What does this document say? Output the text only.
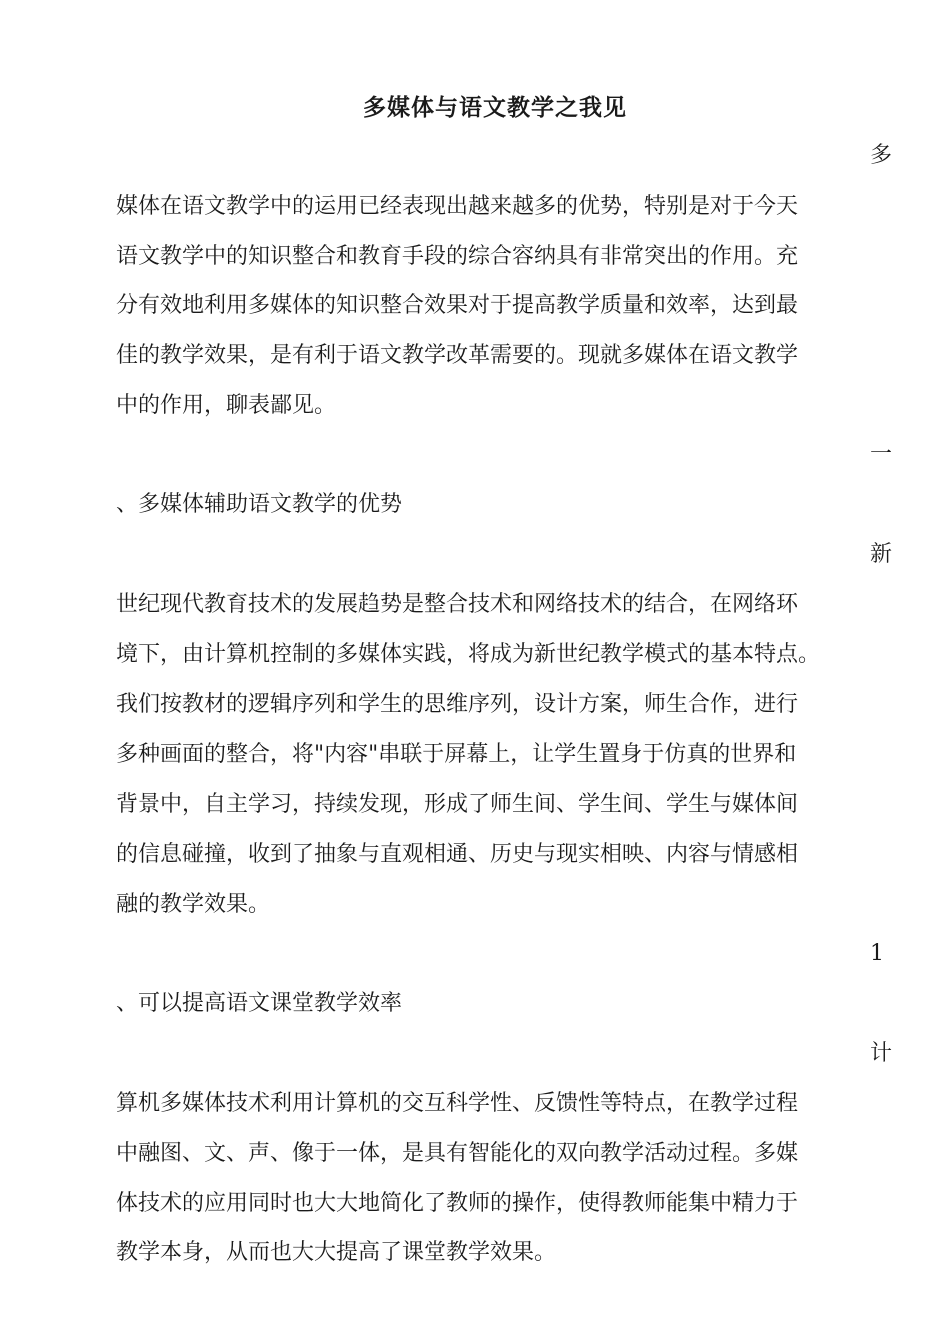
多媒体与语文教学之我见
多
媒体在语文教学中的运用已经表现出越来越多的优势，特别是对于今天
语文教学中的知识整合和教育手段的综合容纳具有非常突出的作用。充
分有效地利用多媒体的知识整合效果对于提高教学质量和效率，达到最
佳的教学效果，是有利于语文教学改革需要的。现就多媒体在语文教学
中的作用，聊表鄙见。
一
、多媒体辅助语文教学的优势
新
世纪现代教育技术的发展趋势是整合技术和网络技术的结合，在网络环
境下，由计算机控制的多媒体实践，将成为新世纪教学模式的基本特点。
我们按教材的逻辑序列和学生的思维序列，设计方案，师生合作，进行
多种画面的整合，将"内容"串联于屏幕上，让学生置身于仿真的世界和
背景中，自主学习，持续发现，形成了师生间、学生间、学生与媒体间
的信息碰撞，收到了抽象与直观相通、历史与现实相映、内容与情感相
融的教学效果。
1
、可以提高语文课堂教学效率
计
算机多媒体技术利用计算机的交互科学性、反馈性等特点，在教学过程
中融图、文、声、像于一体，是具有智能化的双向教学活动过程。多媒
体技术的应用同时也大大地简化了教师的操作，使得教师能集中精力于
教学本身，从而也大大提高了课堂教学效果。
